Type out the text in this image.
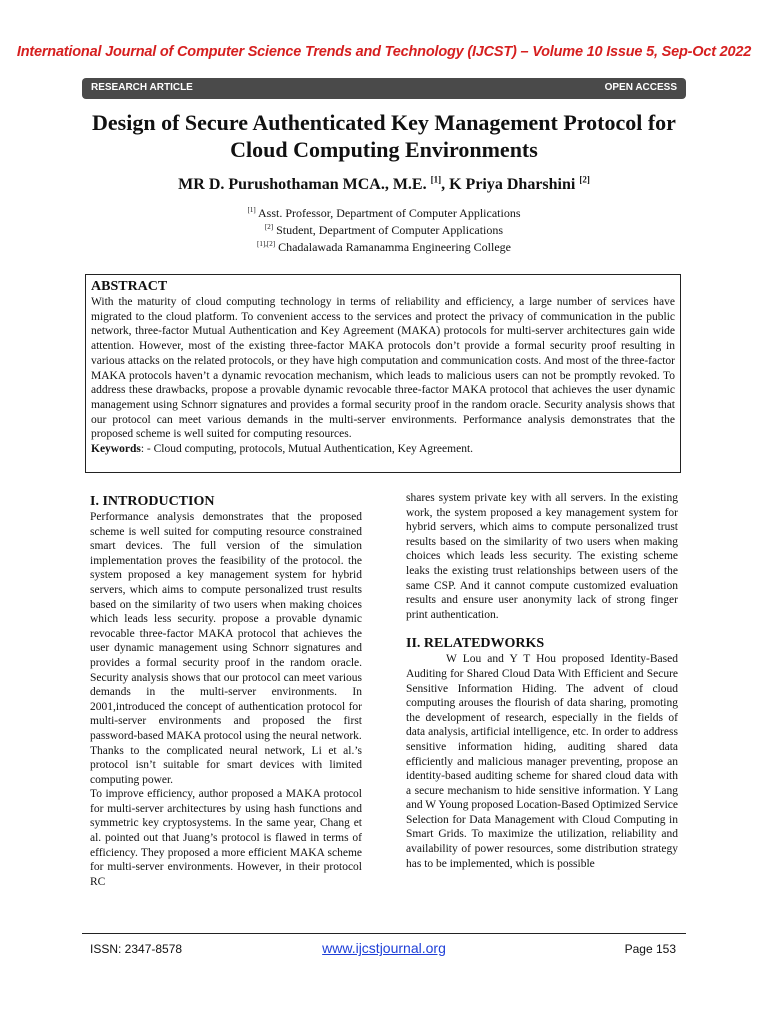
International Journal of Computer Science Trends and Technology (IJCST) – Volume 10 Issue 5, Sep-Oct 2022
RESEARCH ARTICLE	OPEN ACCESS
Design of Secure Authenticated Key Management Protocol for Cloud Computing Environments
MR D. Purushothaman MCA., M.E. [1], K Priya Dharshini [2]
[1] Asst. Professor, Department of Computer Applications
[2] Student, Department of Computer Applications
[1],[2] Chadalawada Ramanamma Engineering College
ABSTRACT
With the maturity of cloud computing technology in terms of reliability and efficiency, a large number of services have migrated to the cloud platform. To convenient access to the services and protect the privacy of communication in the public network, three-factor Mutual Authentication and Key Agreement (MAKA) protocols for multi-server architectures gain wide attention. However, most of the existing three-factor MAKA protocols don’t provide a formal security proof resulting in various attacks on the related protocols, or they have high computation and communication costs. And most of the three-factor MAKA protocols haven’t a dynamic revocation mechanism, which leads to malicious users can not be promptly revoked. To address these drawbacks, propose a provable dynamic revocable three-factor MAKA protocol that achieves the user dynamic management using Schnorr signatures and provides a formal security proof in the random oracle. Security analysis shows that our protocol can meet various demands in the multi-server environments. Performance analysis demonstrates that the proposed scheme is well suited for computing resources.
Keywords: - Cloud computing, protocols, Mutual Authentication, Key Agreement.
I. INTRODUCTION

Performance analysis demonstrates that the proposed scheme is well suited for computing resource constrained smart devices. The full version of the simulation implementation proves the feasibility of the protocol. the system proposed a key management system for hybrid servers, which aims to compute personalized trust results based on the similarity of two users when making choices which leads less security. propose a provable dynamic revocable three-factor MAKA protocol that achieves the user dynamic management using Schnorr signatures and provides a formal security proof in the random oracle. Security analysis shows that our protocol can meet various demands in the multi-server environments. In 2001,introduced the concept of authentication protocol for multi-server environments and proposed the first password-based MAKA protocol using the neural network.

Thanks to the complicated neural network, Li et al.’s protocol isn’t suitable for smart devices with limited computing power.

To improve efficiency, author proposed a MAKA protocol for multi-server architectures by using hash functions and symmetric key cryptosystems. In the same year, Chang et al. pointed out that Juang’s protocol is flawed in terms of efficiency. They proposed a more efficient MAKA scheme for multi-server environments. However, in their protocol RC

shares system private key with all servers. In the existing work, the system proposed a key management system for hybrid servers, which aims to compute personalized trust results based on the similarity of two users when making choices which leads less security. The existing scheme leaks the existing trust relationships between users of the same CSP. And it cannot compute customized evaluation results and ensure user anonymity lack of strong finger print authentication.

II. RELATEDWORKS

W Lou and Y T Hou proposed Identity-Based Auditing for Shared Cloud Data With Efficient and Secure Sensitive Information Hiding. The advent of cloud computing arouses the flourish of data sharing, promoting the development of research, especially in the fields of data analysis, artificial intelligence, etc. In order to address sensitive information hiding, auditing shared data efficiently and malicious manager preventing, propose an identity-based auditing scheme for shared cloud data with a secure mechanism to hide sensitive information. Y Lang and W Young proposed Location-Based Optimized Service Selection for Data Management with Cloud Computing in Smart Grids. To maximize the utilization, reliability and availability of power resources, some distribution strategy has to be implemented, which is possible

ISSN: 2347-8578	www.ijcstjournal.org	Page 153
